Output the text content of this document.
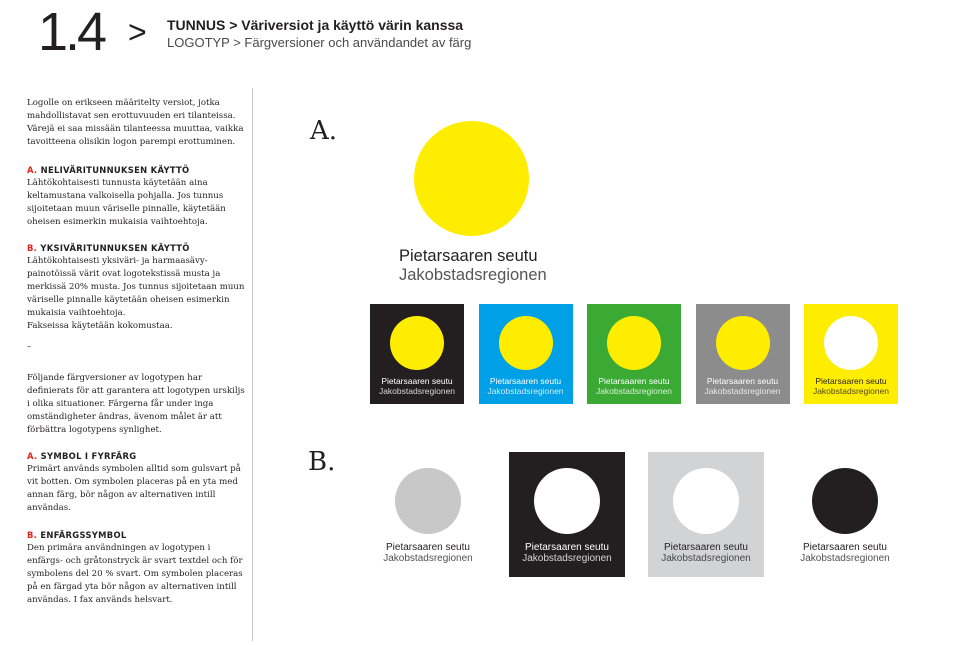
1.4 > TUNNUS > Väriversiot ja käyttö värin kanssa
LOGOTYP > Färgversioner och användandet av färg

Logolle on erikseen määritelty versiot, jotka mahdollistavat sen erottuvuuden eri tilanteissa. Värejä ei saa missään tilanteessa muuttaa, vaikka tavoitteena olisikin logon parempi erottuminen.

A. NELIVÄRITUNNUKSEN KÄYTTÖ

Lähtökohtaisesti tunnusta käytetään aina keltamustana valkoisella pohjalla. Jos tunnus sijoitetaan muun väriselle pinnalle, käytetään oheisen esimerkin mukaisia vaihtoehtoja.

B. YKSIVÄRITUNNUKSEN KÄYTTÖ

Lähtökohtaisesti yksiväri- ja harmaasävy- painotöissä värit ovat logotekstissä musta ja merkissä 20% musta. Jos tunnus sijoitetaan muun väriselle pinnalle käytetään oheisen esimerkin mukaisia vaihtoehtoja.

Fakseissa käytetään kokomustaa.

–

Följande färgversioner av logotypen har definierats för att garantera att logotypen urskiljs i olika situationer. Färgerna får under inga omständigheter ändras, ävenom målet är att förbättra logotypens synlighet.

A. SYMBOL I FYRFÄRG

Primärt används symbolen alltid som gulsvart på vit botten. Om symbolen placeras på en yta med annan färg, bör någon av alternativen intill användas.

B. ENFÄRGSSYMBOL

Den primära användningen av logotypen i enfärgs- och gråtonstryck är svart textdel och för symbolens del 20 % svart. Om symbolen placeras på en färgad yta bör någon av alternativen intill användas. I fax används helsvart.

A.
Pietarsaaren seutu
Jakobstadsregionen
Pietarsaaren seutu
Jakobstadsregionen
Pietarsaaren seutu
Jakobstadsregionen
Pietarsaaren seutu
Jakobstadsregionen
Pietarsaaren seutu
Jakobstadsregionen
Pietarsaaren seutu
Jakobstadsregionen
B.
Pietarsaaren seutu
Jakobstadsregionen
Pietarsaaren seutu
Jakobstadsregionen
Pietarsaaren seutu
Jakobstadsregionen
Pietarsaaren seutu
Jakobstadsregionen
